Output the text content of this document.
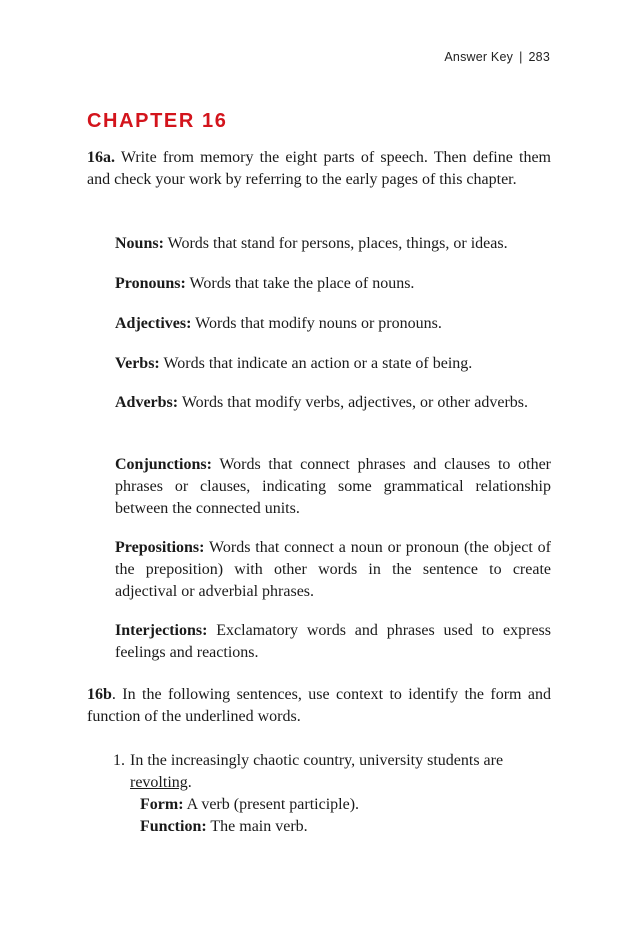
Answer Key | 283
CHAPTER 16
16a. Write from memory the eight parts of speech. Then define them and check your work by referring to the early pages of this chapter.
Nouns: Words that stand for persons, places, things, or ideas.
Pronouns: Words that take the place of nouns.
Adjectives: Words that modify nouns or pronouns.
Verbs: Words that indicate an action or a state of being.
Adverbs: Words that modify verbs, adjectives, or other adverbs.
Conjunctions: Words that connect phrases and clauses to other phrases or clauses, indicating some grammatical relationship between the connected units.
Prepositions: Words that connect a noun or pronoun (the object of the preposition) with other words in the sentence to create adjectival or adverbial phrases.
Interjections: Exclamatory words and phrases used to express feelings and reactions.
16b. In the following sentences, use context to identify the form and function of the underlined words.
1. In the increasingly chaotic country, university students are
revolting.
Form: A verb (present participle).
Function: The main verb.
